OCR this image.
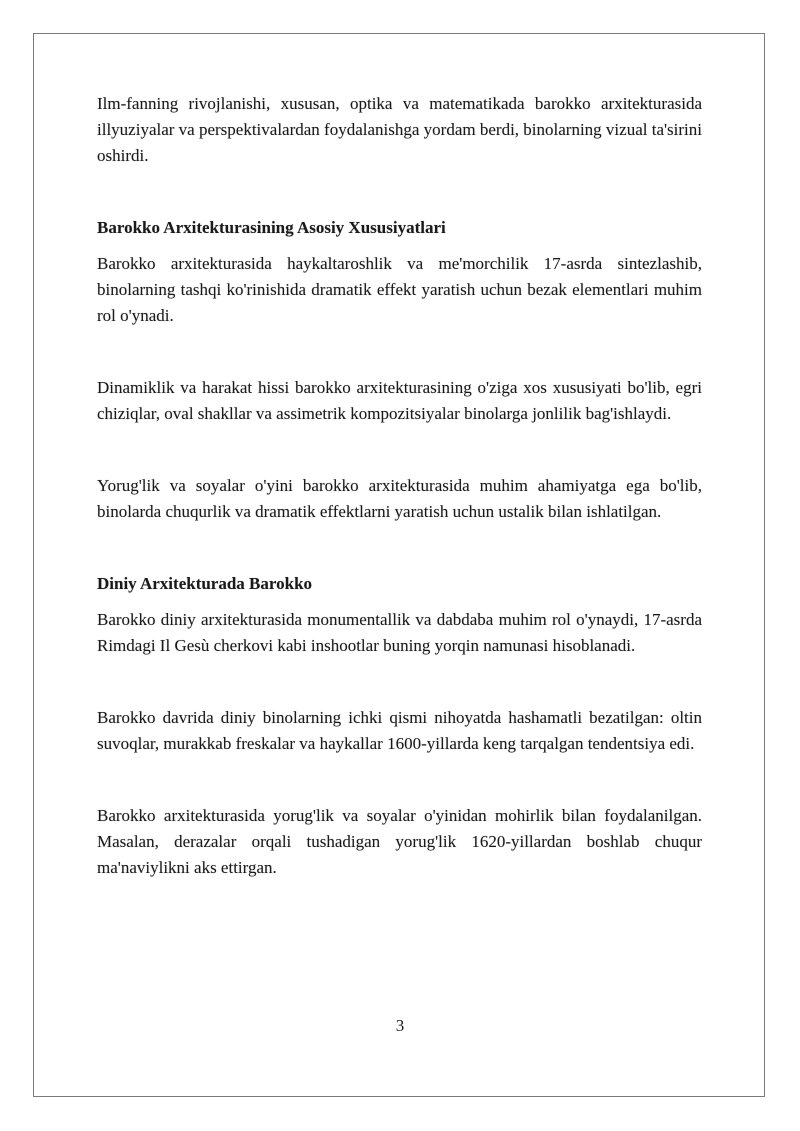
Ilm-fanning rivojlanishi, xususan, optika va matematikada barokko arxitekturasida illyuziyalar va perspektivalardan foydalanishga yordam berdi, binolarning vizual ta'sirini oshirdi.

Barokko Arxitekturasining Asosiy Xususiyatlari

Barokko arxitekturasida haykaltaroshlik va me'morchilik 17-asrda sintezlashib, binolarning tashqi ko'rinishida dramatik effekt yaratish uchun bezak elementlari muhim rol o'ynadi.

Dinamiklik va harakat hissi barokko arxitekturasining o'ziga xos xususiyati bo'lib, egri chiziqlar, oval shakllar va assimetrik kompozitsiyalar binolarga jonlilik bag'ishlaydi.

Yorug'lik va soyalar o'yini barokko arxitekturasida muhim ahamiyatga ega bo'lib, binolarda chuqurlik va dramatik effektlarni yaratish uchun ustalik bilan ishlatilgan.

Diniy Arxitekturada Barokko

Barokko diniy arxitekturasida monumentallik va dabdaba muhim rol o'ynaydi, 17-asrda Rimdagi Il Gesù cherkovi kabi inshootlar buning yorqin namunasi hisoblanadi.

Barokko davrida diniy binolarning ichki qismi nihoyatda hashamatli bezatilgan: oltin suvoqlar, murakkab freskalar va haykallar 1600-yillarda keng tarqalgan tendentsiya edi.

Barokko arxitekturasida yorug'lik va soyalar o'yinidan mohirlik bilan foydalanilgan. Masalan, derazalar orqali tushadigan yorug'lik 1620-yillardan boshlab chuqur ma'naviylikni aks ettirgan.

3
